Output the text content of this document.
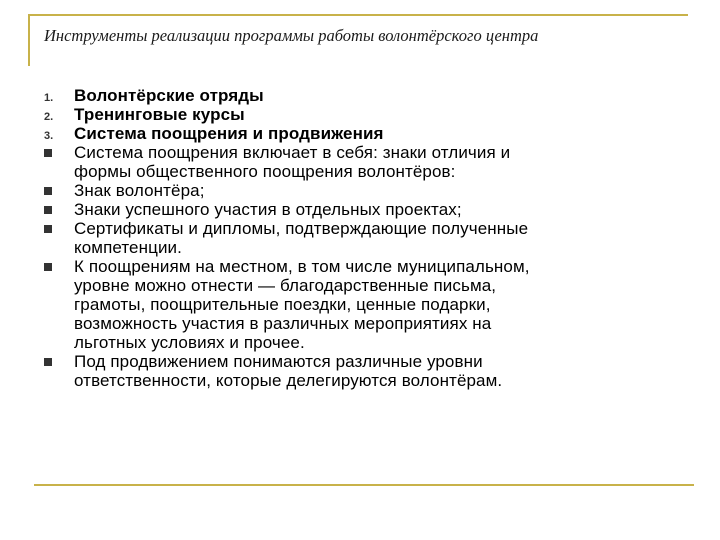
Инструменты реализации программы работы волонтёрского центра
1.	Волонтёрские отряды
2.	Тренинговые курсы
3.	Система поощрения и продвижения
Система поощрения включает в себя: знаки отличия и
формы общественного поощрения волонтёров:
Знак волонтёра;
Знаки успешного участия в отдельных проектах;
Сертификаты и дипломы, подтверждающие полученные
компетенции.
К поощрениям на местном, в том числе муниципальном,
уровне можно отнести — благодарственные письма,
грамоты, поощрительные поездки, ценные подарки,
возможность участия в различных мероприятиях на
льготных условиях и прочее.
Под продвижением понимаются различные уровни
ответственности, которые делегируются волонтёрам.
